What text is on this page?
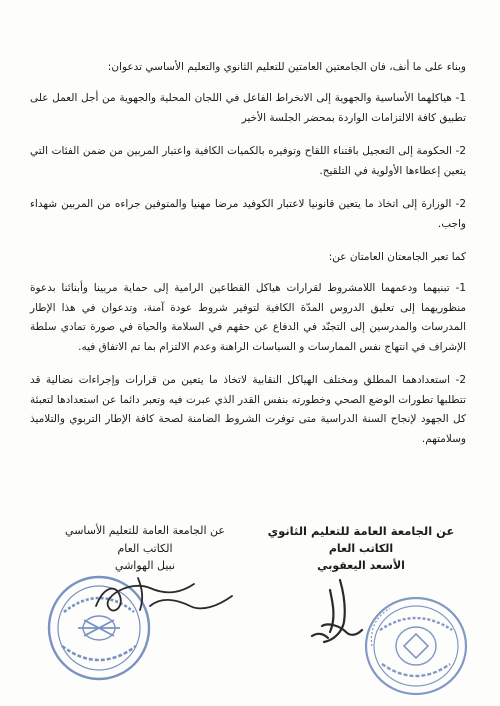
وبناء على ما أنف، فان الجامعتين العامتين للتعليم الثانوي والتعليم الأساسي تدعوان:

1- هياكلهما الأساسية والجهوية إلى الانخراط الفاعل في اللجان المحلية والجهوية من أجل العمل على تطبيق كافة الالتزامات الواردة بمحضر الجلسة الأخير

2- الحكومة إلى التعجيل باقتناء اللقاح وتوفيره بالكميات الكافية واعتبار المربين من ضمن الفئات التي يتعين إعطاءها الأولوية في التلقيح.

2- الوزارة إلى اتخاذ ما يتعين قانونيا لاعتبار الكوفيد مرضا مهنيا والمتوفين جراءه من المربين شهداء واجب.

كما تعبر الجامعتان العامتان عن:

1- تبنيهما ودعمهما اللامشروط لقرارات هياكل القطاعين الرامية إلى حماية مربينا وأبنائنا بدعوة منظوريهما إلى تعليق الدروس المدّة الكافية لتوفير شروط عودة آمنة، وتدعوان في هذا الإطار المدرسات والمدرسين إلى التجنّد في الدفاع عن حقهم في السلامة والحياة في صورة تمادي سلطة الإشراف في انتهاج نفس الممارسات و السياسات الراهنة وعدم الالتزام بما تم الاتفاق فيه.

2- استعدادهما المطلق ومختلف الهياكل النقابية لاتخاذ ما يتعين من قرارات وإجراءات نضالية قد تتطلبها تطورات الوضع الصحي وخطورته بنفس القدر الذي عبرت فيه وتعبر دائما عن استعدادها لتعبئة كل الجهود لإنجاح السنة الدراسية متى توفرت الشروط الضامنة لصحة كافة الإطار التربوي والتلاميذ وسلامتهم.

عن الجامعة العامة للتعليم الثانوي
الكاتب العام
الأسعد اليعقوبي
عن الجامعة العامة للتعليم الأساسي
الكاتب العام
نبيل الهواشي
